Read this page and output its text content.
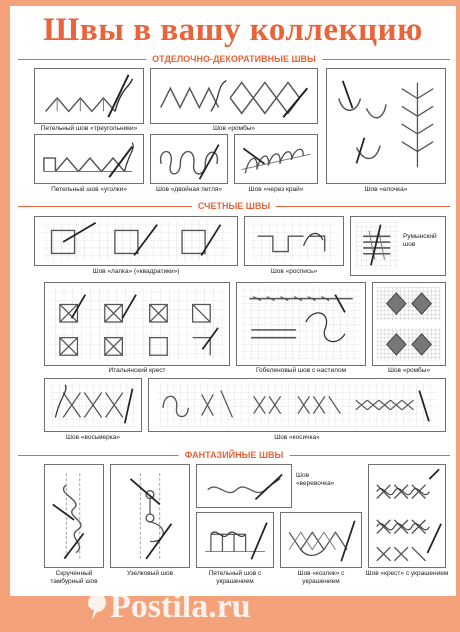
Швы в вашу коллекцию
ОТДЕЛОЧНО-ДЕКОРАТИВНЫЕ ШВЫ
Петельный шов «треугольники»	Шов «ромбы»
Шов «елочка»
Петельный шов «уголки»	Шов «двойная петля»	Шов «через край»
СЧЕТНЫЕ ШВЫ
Шов «лапка» («квадратики»)	Шов «роспись»
Румынский шов
Итальянский крест	Гобеленовый шов с настилом	Шов «ромбы»
Шов «восьмерка»	Шов «косичка»
ФАНТАЗИЙНЫЕ ШВЫ
Скрученный тамбурный шов
Узелковый шов
Шов «веревочка»
Петельный шов с украшением
Шов «козлик» с украшением
Шов «крест» с украшением
Postila.ru
